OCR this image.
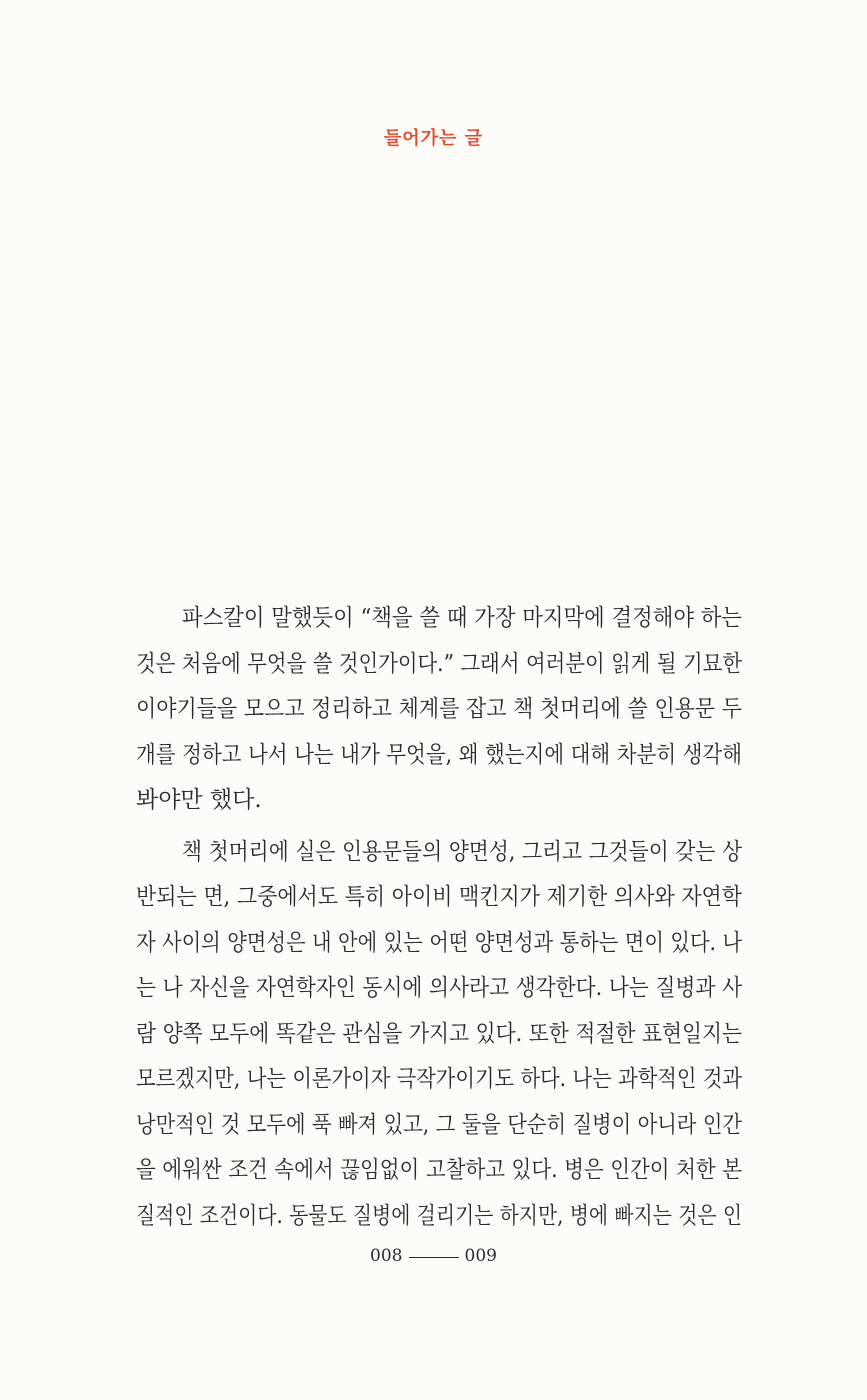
들어가는 글
파스칼이 말했듯이 “책을 쓸 때 가장 마지막에 결정해야 하는
것은 처음에 무엇을 쓸 것인가이다.” 그래서 여러분이 읽게 될 기묘한
이야기들을 모으고 정리하고 체계를 잡고 책 첫머리에 쓸 인용문 두
개를 정하고 나서 나는 내가 무엇을, 왜 했는지에 대해 차분히 생각해
봐야만 했다.
책 첫머리에 실은 인용문들의 양면성, 그리고 그것들이 갖는 상
반되는 면, 그중에서도 특히 아이비 맥킨지가 제기한 의사와 자연학
자 사이의 양면성은 내 안에 있는 어떤 양면성과 통하는 면이 있다. 나
는 나 자신을 자연학자인 동시에 의사라고 생각한다. 나는 질병과 사
람 양쪽 모두에 똑같은 관심을 가지고 있다. 또한 적절한 표현일지는
모르겠지만, 나는 이론가이자 극작가이기도 하다. 나는 과학적인 것과
낭만적인 것 모두에 푹 빠져 있고, 그 둘을 단순히 질병이 아니라 인간
을 에워싼 조건 속에서 끊임없이 고찰하고 있다. 병은 인간이 처한 본
질적인 조건이다. 동물도 질병에 걸리기는 하지만, 병에 빠지는 것은 인
008	009
